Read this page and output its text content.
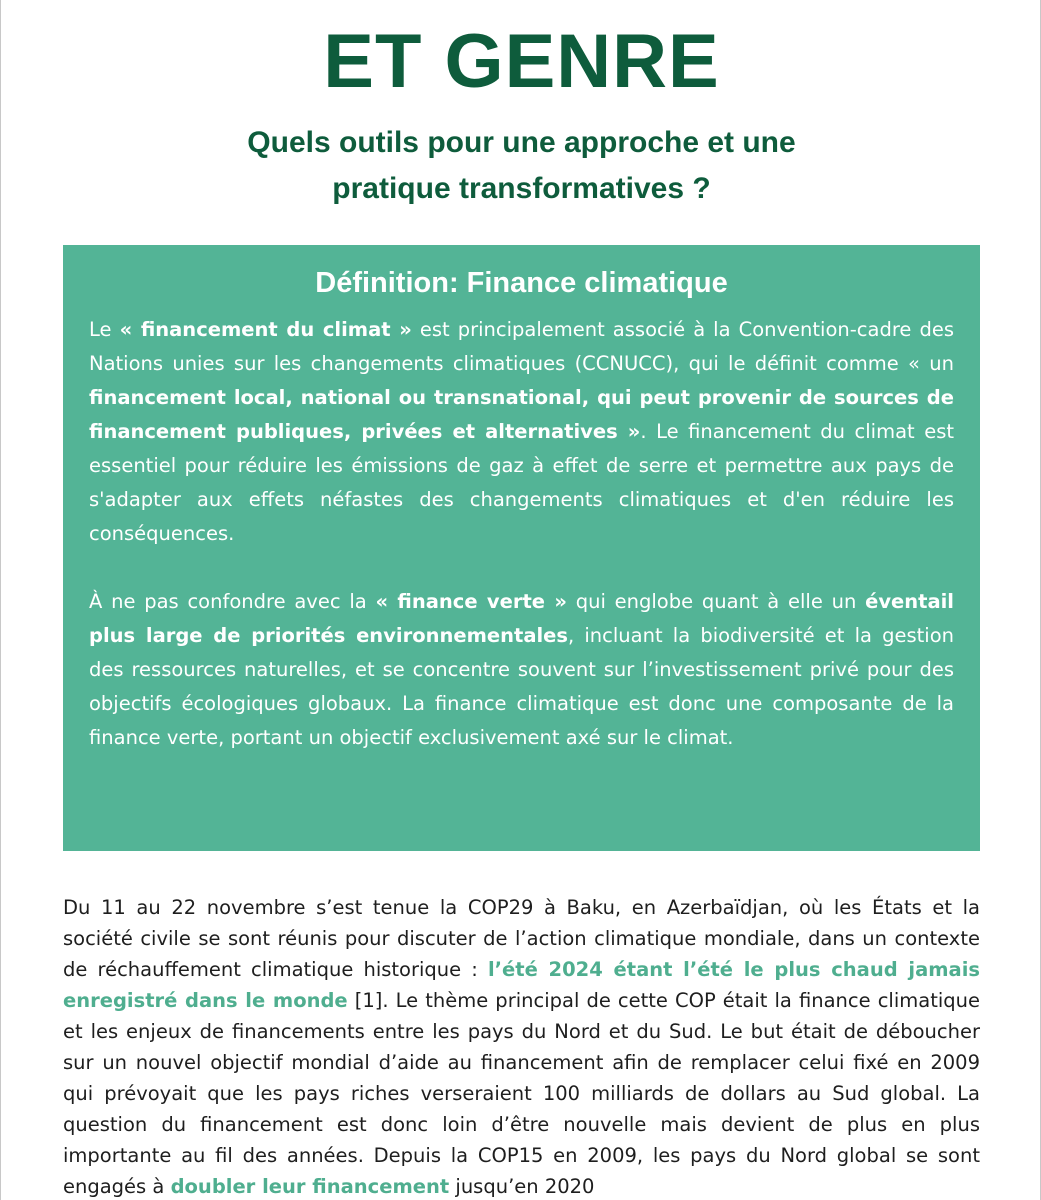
ET GENRE
Quels outils pour une approche et une
pratique transformatives ?
Définition: Finance climatique

Le « financement du climat » est principalement associé à la Convention-cadre des Nations unies sur les changements climatiques (CCNUCC), qui le définit comme « un financement local, national ou transnational, qui peut provenir de sources de financement publiques, privées et alternatives ». Le financement du climat est essentiel pour réduire les émissions de gaz à effet de serre et permettre aux pays de s'adapter aux effets néfastes des changements climatiques et d'en réduire les conséquences.

À ne pas confondre avec la « finance verte » qui englobe quant à elle un éventail plus large de priorités environnementales, incluant la biodiversité et la gestion des ressources naturelles, et se concentre souvent sur l’investissement privé pour des objectifs écologiques globaux. La finance climatique est donc une composante de la finance verte, portant un objectif exclusivement axé sur le climat.

Du 11 au 22 novembre s’est tenue la COP29 à Baku, en Azerbaïdjan, où les États et la société civile se sont réunis pour discuter de l’action climatique mondiale, dans un contexte de réchauffement climatique historique : l’été 2024 étant l’été le plus chaud jamais enregistré dans le monde [1]. Le thème principal de cette COP était la finance climatique et les enjeux de financements entre les pays du Nord et du Sud. Le but était de déboucher sur un nouvel objectif mondial d’aide au financement afin de remplacer celui fixé en 2009 qui prévoyait que les pays riches verseraient 100 milliards de dollars au Sud global. La question du financement est donc loin d’être nouvelle mais devient de plus en plus importante au fil des années. Depuis la COP15 en 2009, les pays du Nord global se sont engagés à doubler leur financement jusqu’en 2020
